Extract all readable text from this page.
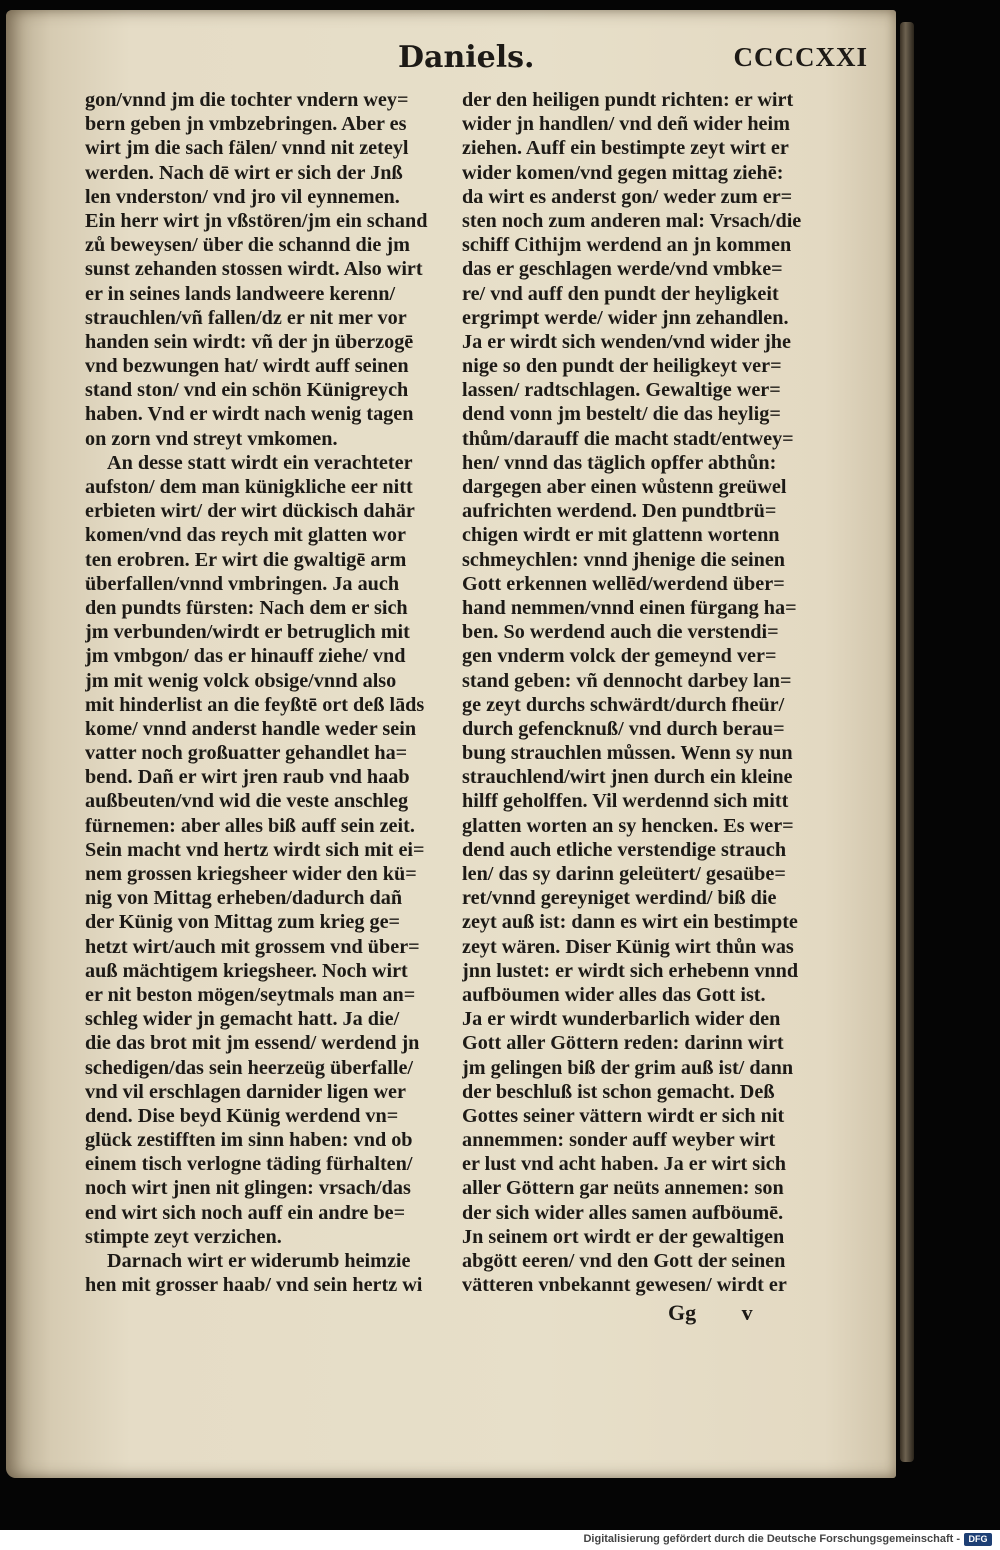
Daniels.	CCCCXXI
gon/vnnd jm die tochter vndern wey=
bern geben jn vmbzebringen. Aber es
wirt jm die sach fälen/ vnnd nit zeteyl
werden. Nach dē wirt er sich der Jnß
len vnderston/ vnd jro vil eynnemen.
Ein herr wirt jn vßstören/jm ein schand
zů beweysen/ über die schannd die jm
sunst zehanden stossen wirdt. Also wirt
er in seines lands landweere kerenn/
strauchlen/vñ fallen/dz er nit mer vor
handen sein wirdt: vñ der jn überzogē
vnd bezwungen hat/ wirdt auff seinen
stand ston/ vnd ein schön Künigreych
haben. Vnd er wirdt nach wenig tagen
on zorn vnd streyt vmkomen.
An desse statt wirdt ein verachteter
aufston/ dem man künigkliche eer nitt
erbieten wirt/ der wirt dückisch dahär
komen/vnd das reych mit glatten wor
ten erobren. Er wirt die gwaltigē arm
überfallen/vnnd vmbringen. Ja auch
den pundts fürsten: Nach dem er sich
jm verbunden/wirdt er betruglich mit
jm vmbgon/ das er hinauff ziehe/ vnd
jm mit wenig volck obsige/vnnd also
mit hinderlist an die feyßtē ort deß lāds
kome/ vnnd anderst handle weder sein
vatter noch großuatter gehandlet ha=
bend. Dañ er wirt jren raub vnd haab
außbeuten/vnd wid die veste anschleg
fürnemen: aber alles biß auff sein zeit.
Sein macht vnd hertz wirdt sich mit ei=
nem grossen kriegsheer wider den kü=
nig von Mittag erheben/dadurch dañ
der Künig von Mittag zum krieg ge=
hetzt wirt/auch mit grossem vnd über=
auß mächtigem kriegsheer. Noch wirt
er nit beston mögen/seytmals man an=
schleg wider jn gemacht hatt. Ja die/
die das brot mit jm essend/ werdend jn
schedigen/das sein heerzeüg überfalle/
vnd vil erschlagen darnider ligen wer
dend. Dise beyd Künig werdend vn=
glück zestifften im sinn haben: vnd ob
einem tisch verlogne täding fürhalten/
noch wirt jnen nit glingen: vrsach/das
end wirt sich noch auff ein andre be=
stimpte zeyt verzichen.
Darnach wirt er widerumb heimzie
hen mit grosser haab/ vnd sein hertz wi
der den heiligen pundt richten: er wirt
wider jn handlen/ vnd deñ wider heim
ziehen. Auff ein bestimpte zeyt wirt er
wider komen/vnd gegen mittag ziehē:
da wirt es anderst gon/ weder zum er=
sten noch zum anderen mal: Vrsach/die
schiff Cithijm werdend an jn kommen
das er geschlagen werde/vnd vmbke=
re/ vnd auff den pundt der heyligkeit
ergrimpt werde/ wider jnn zehandlen.
Ja er wirdt sich wenden/vnd wider jhe
nige so den pundt der heiligkeyt ver=
lassen/ radtschlagen. Gewaltige wer=
dend vonn jm bestelt/ die das heylig=
thům/darauff die macht stadt/entwey=
hen/ vnnd das täglich opffer abthůn:
dargegen aber einen wůstenn greüwel
aufrichten werdend. Den pundtbrü=
chigen wirdt er mit glattenn wortenn
schmeychlen: vnnd jhenige die seinen
Gott erkennen wellēd/werdend über=
hand nemmen/vnnd einen fürgang ha=
ben. So werdend auch die verstendi=
gen vnderm volck der gemeynd ver=
stand geben: vñ dennocht darbey lan=
ge zeyt durchs schwärdt/durch fheür/
durch gefencknuß/ vnd durch berau=
bung strauchlen můssen. Wenn sy nun
strauchlend/wirt jnen durch ein kleine
hilff geholffen. Vil werdennd sich mitt
glatten worten an sy hencken. Es wer=
dend auch etliche verstendige strauch
len/ das sy darinn geleütert/ gesaübe=
ret/vnnd gereyniget werdind/ biß die
zeyt auß ist: dann es wirt ein bestimpte
zeyt wären. Diser Künig wirt thůn was
jnn lustet: er wirdt sich erhebenn vnnd
aufböumen wider alles das Gott ist.
Ja er wirdt wunderbarlich wider den
Gott aller Göttern reden: darinn wirt
jm gelingen biß der grim auß ist/ dann
der beschluß ist schon gemacht. Deß
Gottes seiner vättern wirdt er sich nit
annemmen: sonder auff weyber wirt
er lust vnd acht haben. Ja er wirt sich
aller Göttern gar neüts annemen: son
der sich wider alles samen aufböumē.
Jn seinem ort wirdt er der gewaltigen
abgött eeren/ vnd den Gott der seinen
vätteren vnbekannt gewesen/ wirdt er
Gg v
Digitalisierung gefördert durch die Deutsche Forschungsgemeinschaft - DFG
